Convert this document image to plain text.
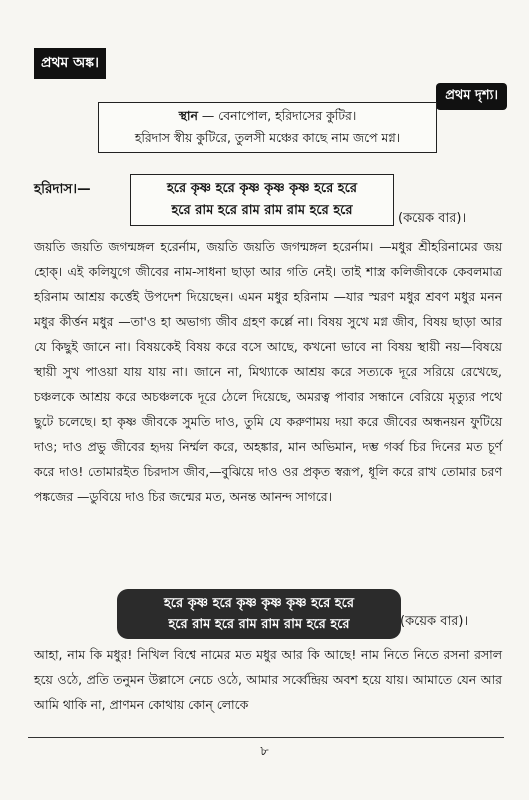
প্রথম অঙ্ক।
প্রথম দৃশ্য।
স্থান — বেনাপোল, হরিদাসের কুটির।
হরিদাস স্বীয় কুটিরে, তুলসী মঞ্চের কাছে নাম জপে মগ্ন।
হরিদাস।—	হরে কৃষ্ণ হরে কৃষ্ণ কৃষ্ণ কৃষ্ণ হরে হরে
হরে রাম হরে রাম রাম রাম হরে হরে
(কয়েক বার)।
জয়তি জয়তি জগন্মঙ্গল হরের্নাম, জয়তি জয়তি জগন্মঙ্গল হরের্নাম। —মধুর শ্রীহরিনামের জয় হোক্। এই কলিযুগে জীবের নাম-সাধনা ছাড়া আর গতি নেই। তাই শাস্ত্র কলিজীবকে কেবলমাত্র হরিনাম আশ্রয় কর্ত্তেই উপদেশ দিয়েছেন। এমন মধুর হরিনাম —যার স্মরণ মধুর শ্রবণ মধুর মনন মধুর কীর্ত্তন মধুর —তা'ও হা অভাগ্য জীব গ্রহণ কর্ল্লে না। বিষয় সুখে মগ্ন জীব, বিষয় ছাড়া আর যে কিছুই জানে না। বিষয়কেই বিষয় করে বসে আছে, কখনো ভাবে না বিষয় স্থায়ী নয়—বিষয়ে স্থায়ী সুখ পাওয়া যায় যায় না। জানে না, মিথ্যাকে আশ্রয় করে সত্যকে দূরে সরিয়ে রেখেছে, চঞ্চলকে আশ্রয় করে অচঞ্চলকে দূরে ঠেলে দিয়েছে, অমরত্ব পাবার সন্ধানে বেরিয়ে মৃত্যুর পথে ছুটে চলেছে। হা কৃষ্ণ জীবকে সুমতি দাও, তুমি যে করুণাময় দয়া করে জীবের অন্ধনয়ন ফুটিয়ে দাও; দাও প্রভু জীবের হৃদয় নির্ম্মল করে, অহঙ্কার, মান অভিমান, দম্ভ গর্ব্ব চির দিনের মত চূর্ণ করে দাও! তোমারইত চিরদাস জীব,—বুঝিয়ে দাও ওর প্রকৃত স্বরূপ, ধূলি করে রাখ তোমার চরণ পঙ্কজের —ডুবিয়ে দাও চির জন্মের মত, অনন্ত আনন্দ সাগরে।
হরে কৃষ্ণ হরে কৃষ্ণ কৃষ্ণ কৃষ্ণ হরে হরে
হরে রাম হরে রাম রাম রাম হরে হরে	(কয়েক বার)।
আহা, নাম কি মধুর! নিখিল বিশ্বে নামের মত মধুর আর কি আছে! নাম নিতে নিতে রসনা রসাল হয়ে ওঠে, প্রতি তনুমন উল্লাসে নেচে ওঠে, আমার সর্ব্বেন্দ্রিয় অবশ হয়ে যায়। আমাতে যেন আর আমি থাকি না, প্রাণমন কোথায় কোন্ লোকে
৮
